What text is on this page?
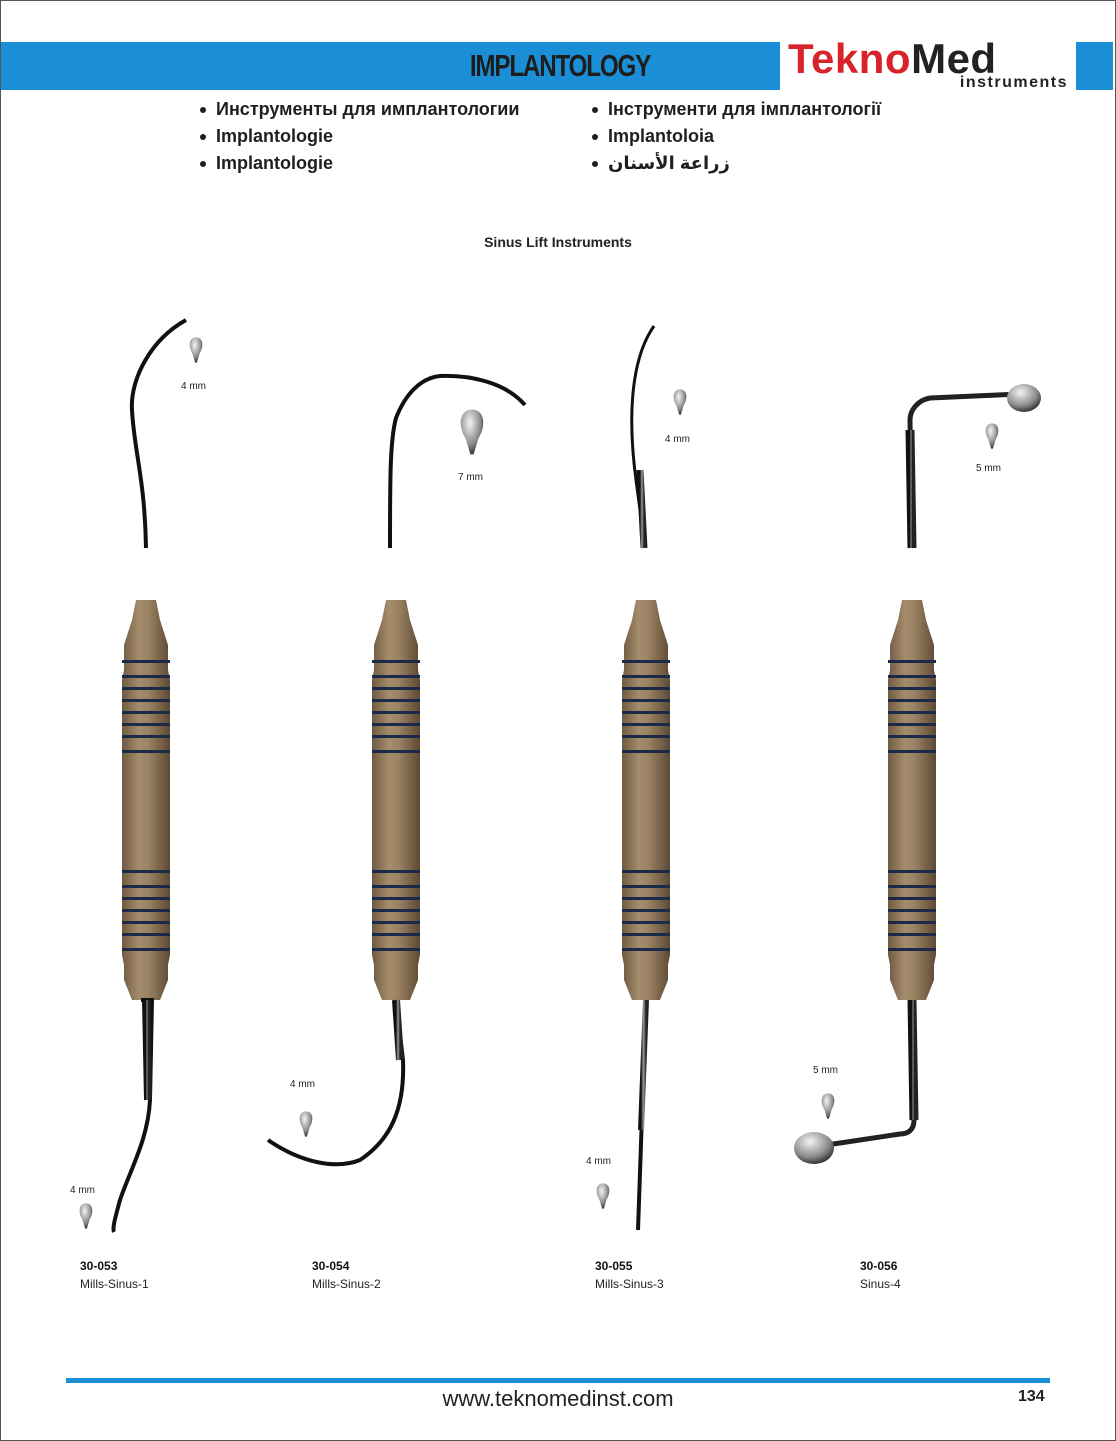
IMPLANTOLOGY	TeknoMed
instruments
Инструменты для имплантологии
Implantologie
Implantologie
Інструменти для імплантології
Implantoloia
زراعة الأسنان
Sinus Lift Instruments
4 mm
4 mm
7 mm
4 mm
4 mm
4 mm
5 mm
5 mm
30-053
Mills-Sinus-1
30-054
Mills-Sinus-2
30-055
Mills-Sinus-3
30-056
Sinus-4
www.teknomedinst.com	134
